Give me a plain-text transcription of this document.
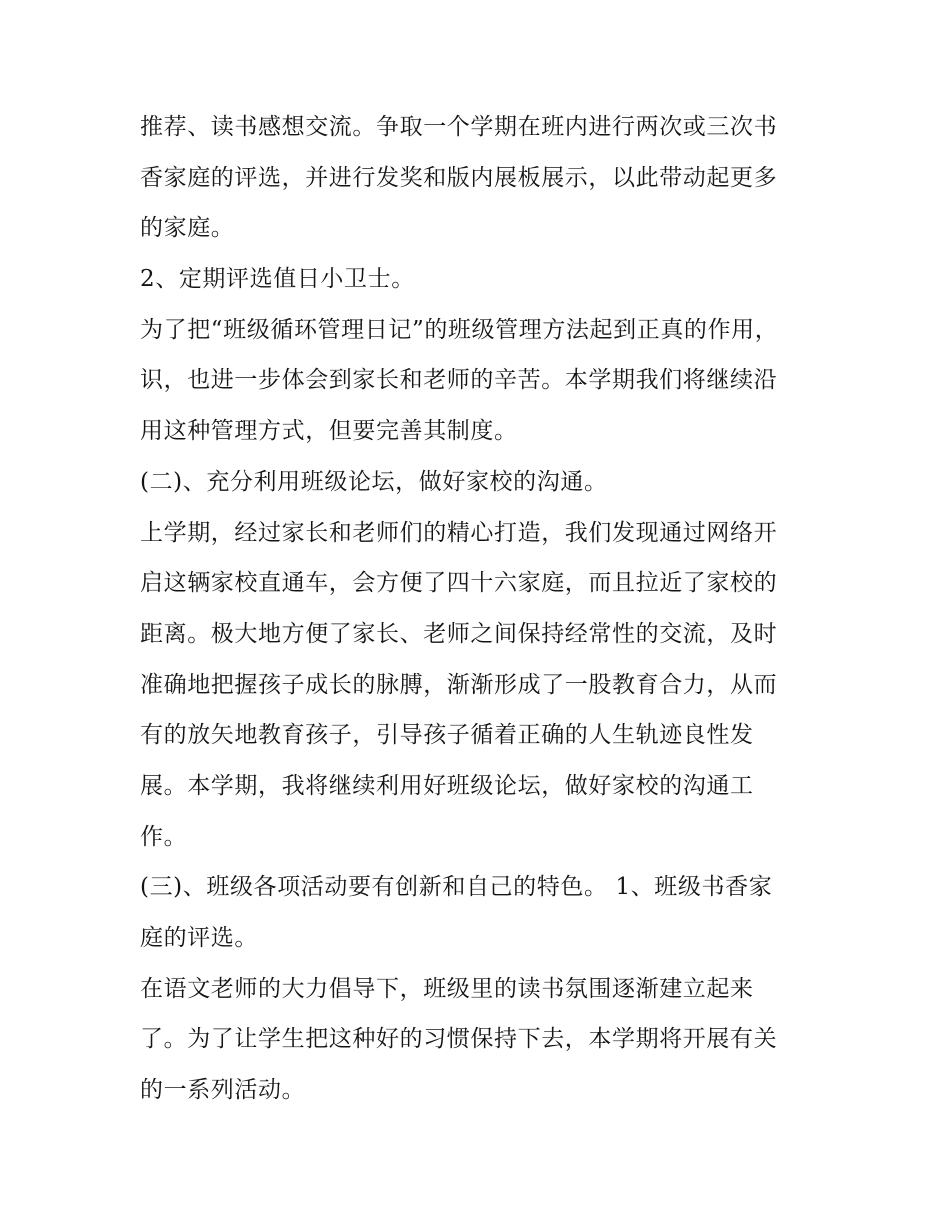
推荐、读书感想交流。争取一个学期在班内进行两次或三次书
香家庭的评选，并进行发奖和版内展板展示，以此带动起更多
的家庭。
2、定期评选值日小卫士。
为了把“班级循环管理日记”的班级管理方法起到正真的作用，
识，也进一步体会到家长和老师的辛苦。本学期我们将继续沿
用这种管理方式，但要完善其制度。
(二)、充分利用班级论坛，做好家校的沟通。
上学期，经过家长和老师们的精心打造，我们发现通过网络开
启这辆家校直通车，会方便了四十六家庭，而且拉近了家校的
距离。极大地方便了家长、老师之间保持经常性的交流，及时
准确地把握孩子成长的脉膊，渐渐形成了一股教育合力，从而
有的放矢地教育孩子，引导孩子循着正确的人生轨迹良性发
展。本学期，我将继续利用好班级论坛，做好家校的沟通工
作。
(三)、班级各项活动要有创新和自己的特色。 1、班级书香家
庭的评选。
在语文老师的大力倡导下，班级里的读书氛围逐渐建立起来
了。为了让学生把这种好的习惯保持下去，本学期将开展有关
的一系列活动。
